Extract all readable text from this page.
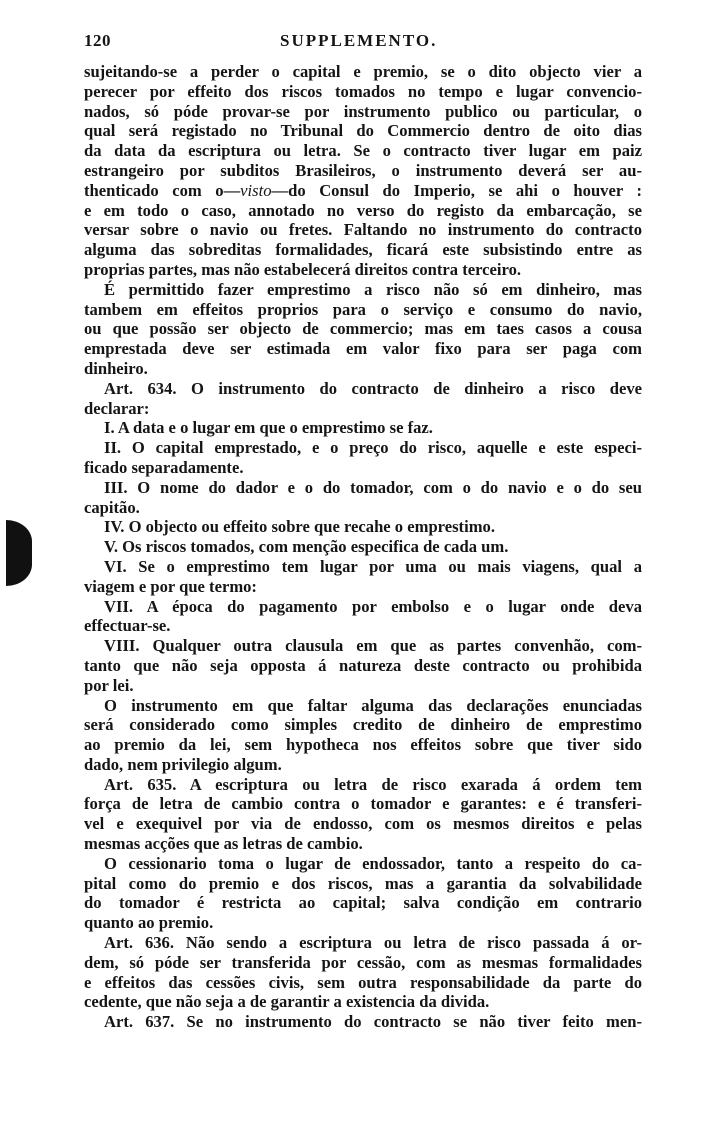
120	SUPPLEMENTO.
sujeitando-se a perder o capital e premio, se o dito objecto vier a
perecer por effeito dos riscos tomados no tempo e lugar convencio-
nados, só póde provar-se por instrumento publico ou particular, o
qual será registado no Tribunal do Commercio dentro de oito dias
da data da escriptura ou letra. Se o contracto tiver lugar em paiz
estrangeiro por subditos Brasileiros, o instrumento deverá ser au-
thenticado com o—visto—do Consul do Imperio, se ahi o houver :
e em todo o caso, annotado no verso do registo da embarcação, se
versar sobre o navio ou fretes. Faltando no instrumento do contracto
alguma das sobreditas formalidades, ficará este subsistindo entre as
proprias partes, mas não estabelecerá direitos contra terceiro.
É permittido fazer emprestimo a risco não só em dinheiro, mas
tambem em effeitos proprios para o serviço e consumo do navio,
ou que possão ser objecto de commercio; mas em taes casos a cousa
emprestada deve ser estimada em valor fixo para ser paga com
dinheiro.
Art. 634. O instrumento do contracto de dinheiro a risco deve
declarar:
I. A data e o lugar em que o emprestimo se faz.
II. O capital emprestado, e o preço do risco, aquelle e este especi-
ficado separadamente.
III. O nome do dador e o do tomador, com o do navio e o do seu
capitão.
IV. O objecto ou effeito sobre que recahe o emprestimo.
V. Os riscos tomados, com menção especifica de cada um.
VI. Se o emprestimo tem lugar por uma ou mais viagens, qual a
viagem e por que termo:
VII. A época do pagamento por embolso e o lugar onde deva
effectuar-se.
VIII. Qualquer outra clausula em que as partes convenhão, com-
tanto que não seja opposta á natureza deste contracto ou prohibida
por lei.
O instrumento em que faltar alguma das declarações enunciadas
será considerado como simples credito de dinheiro de emprestimo
ao premio da lei, sem hypotheca nos effeitos sobre que tiver sido
dado, nem privilegio algum.
Art. 635. A escriptura ou letra de risco exarada á ordem tem
força de letra de cambio contra o tomador e garantes: e é transferi-
vel e exequivel por via de endosso, com os mesmos direitos e pelas
mesmas acções que as letras de cambio.
O cessionario toma o lugar de endossador, tanto a respeito do ca-
pital como do premio e dos riscos, mas a garantia da solvabilidade
do tomador é restricta ao capital; salva condição em contrario
quanto ao premio.
Art. 636. Não sendo a escriptura ou letra de risco passada á or-
dem, só póde ser transferida por cessão, com as mesmas formalidades
e effeitos das cessões civis, sem outra responsabilidade da parte do
cedente, que não seja a de garantir a existencia da divida.
Art. 637. Se no instrumento do contracto se não tiver feito men-
